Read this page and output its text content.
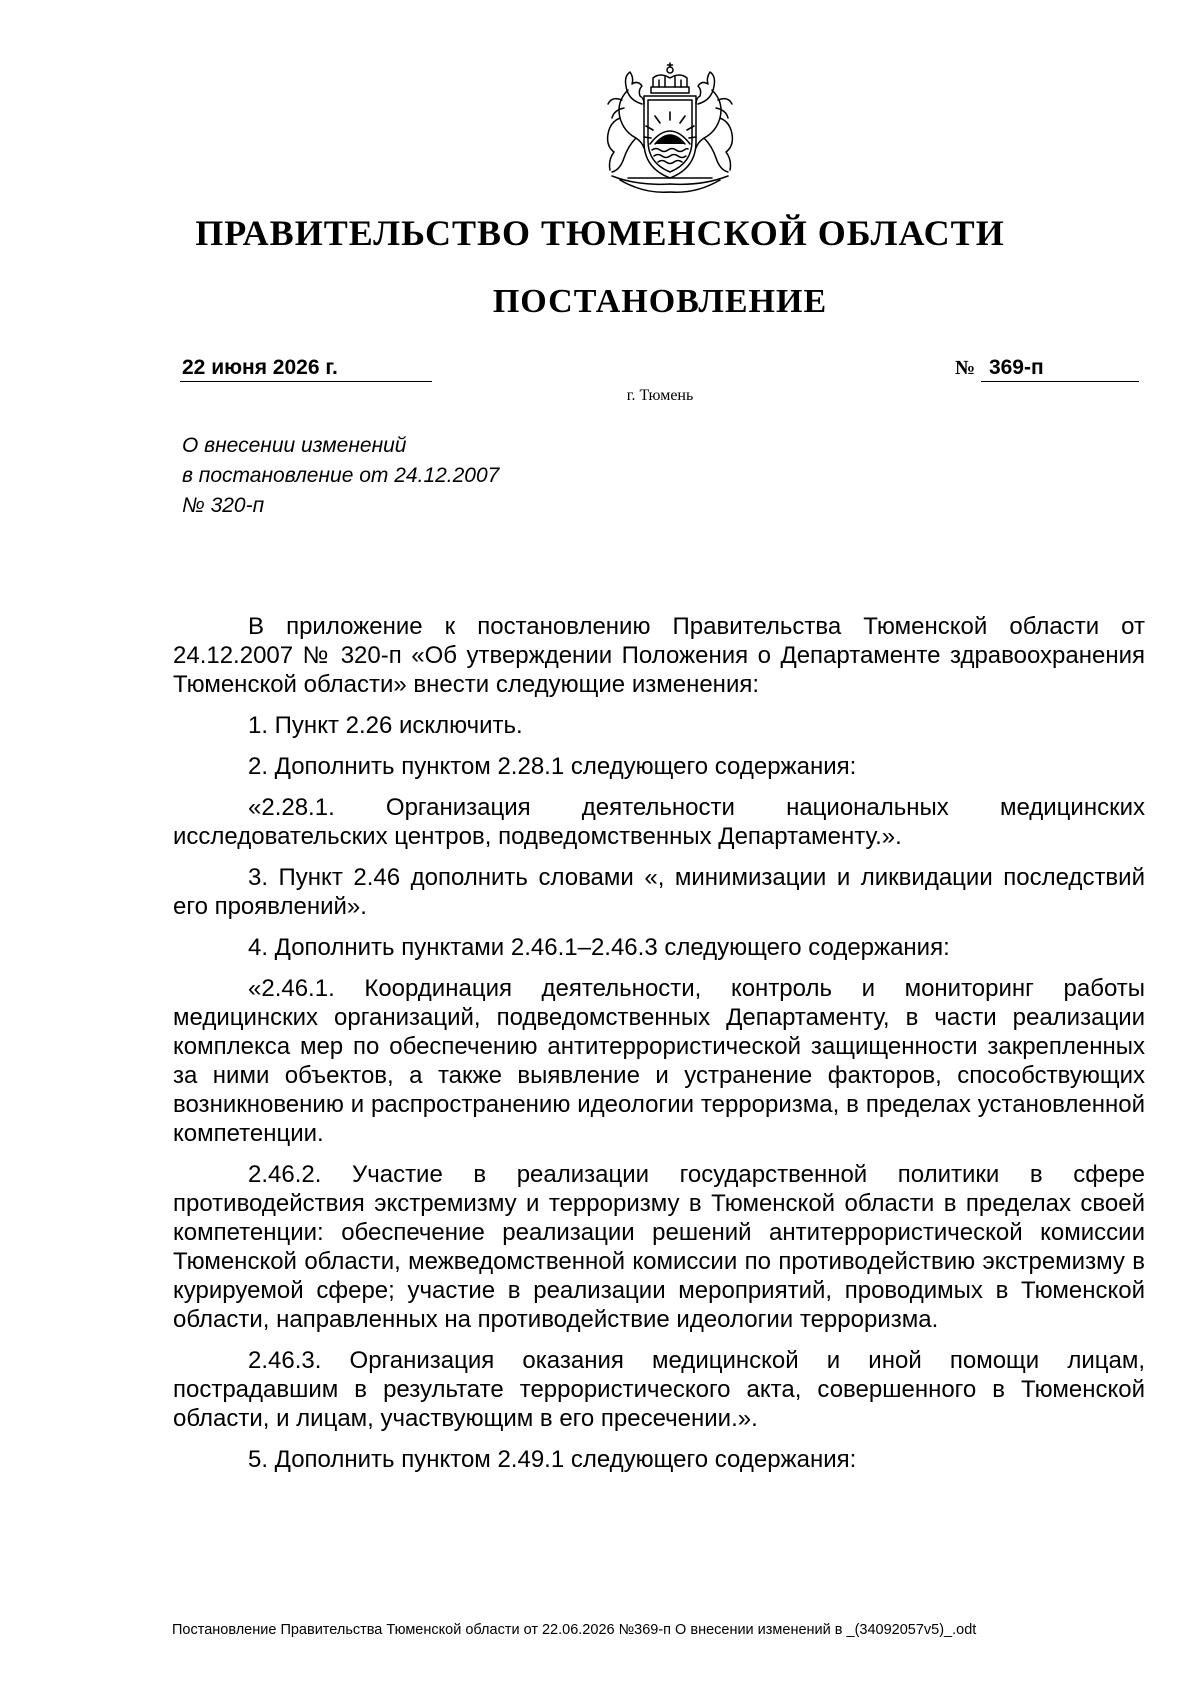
ПРАВИТЕЛЬСТВО ТЮМЕНСКОЙ ОБЛАСТИ
ПОСТАНОВЛЕНИЕ
22 июня 2026 г.	№ 369-п
г. Тюмень
О внесении изменений
в постановление от 24.12.2007
№ 320-п

В приложение к постановлению Правительства Тюменской области от 24.12.2007 № 320-п «Об утверждении Положения о Департаменте здравоохранения Тюменской области» внести следующие изменения:

1. Пункт 2.26 исключить.

2. Дополнить пунктом 2.28.1 следующего содержания:

«2.28.1. Организация деятельности национальных медицинских исследовательских центров, подведомственных Департаменту.».

3. Пункт 2.46 дополнить словами «, минимизации и ликвидации последствий его проявлений».

4. Дополнить пунктами 2.46.1–2.46.3 следующего содержания:

«2.46.1. Координация деятельности, контроль и мониторинг работы медицинских организаций, подведомственных Департаменту, в части реализации комплекса мер по обеспечению антитеррористической защищенности закрепленных за ними объектов, а также выявление и устранение факторов, способствующих возникновению и распространению идеологии терроризма, в пределах установленной компетенции.

2.46.2. Участие в реализации государственной политики в сфере противодействия экстремизму и терроризму в Тюменской области в пределах своей компетенции: обеспечение реализации решений антитеррористической комиссии Тюменской области, межведомственной комиссии по противодействию экстремизму в курируемой сфере; участие в реализации мероприятий, проводимых в Тюменской области, направленных на противодействие идеологии терроризма.

2.46.3. Организация оказания медицинской и иной помощи лицам, пострадавшим в результате террористического акта, совершенного в Тюменской области, и лицам, участвующим в его пресечении.».

5. Дополнить пунктом 2.49.1 следующего содержания:

Постановление Правительства Тюменской области от 22.06.2026 №369-п О внесении изменений в _(34092057v5)_.odt
